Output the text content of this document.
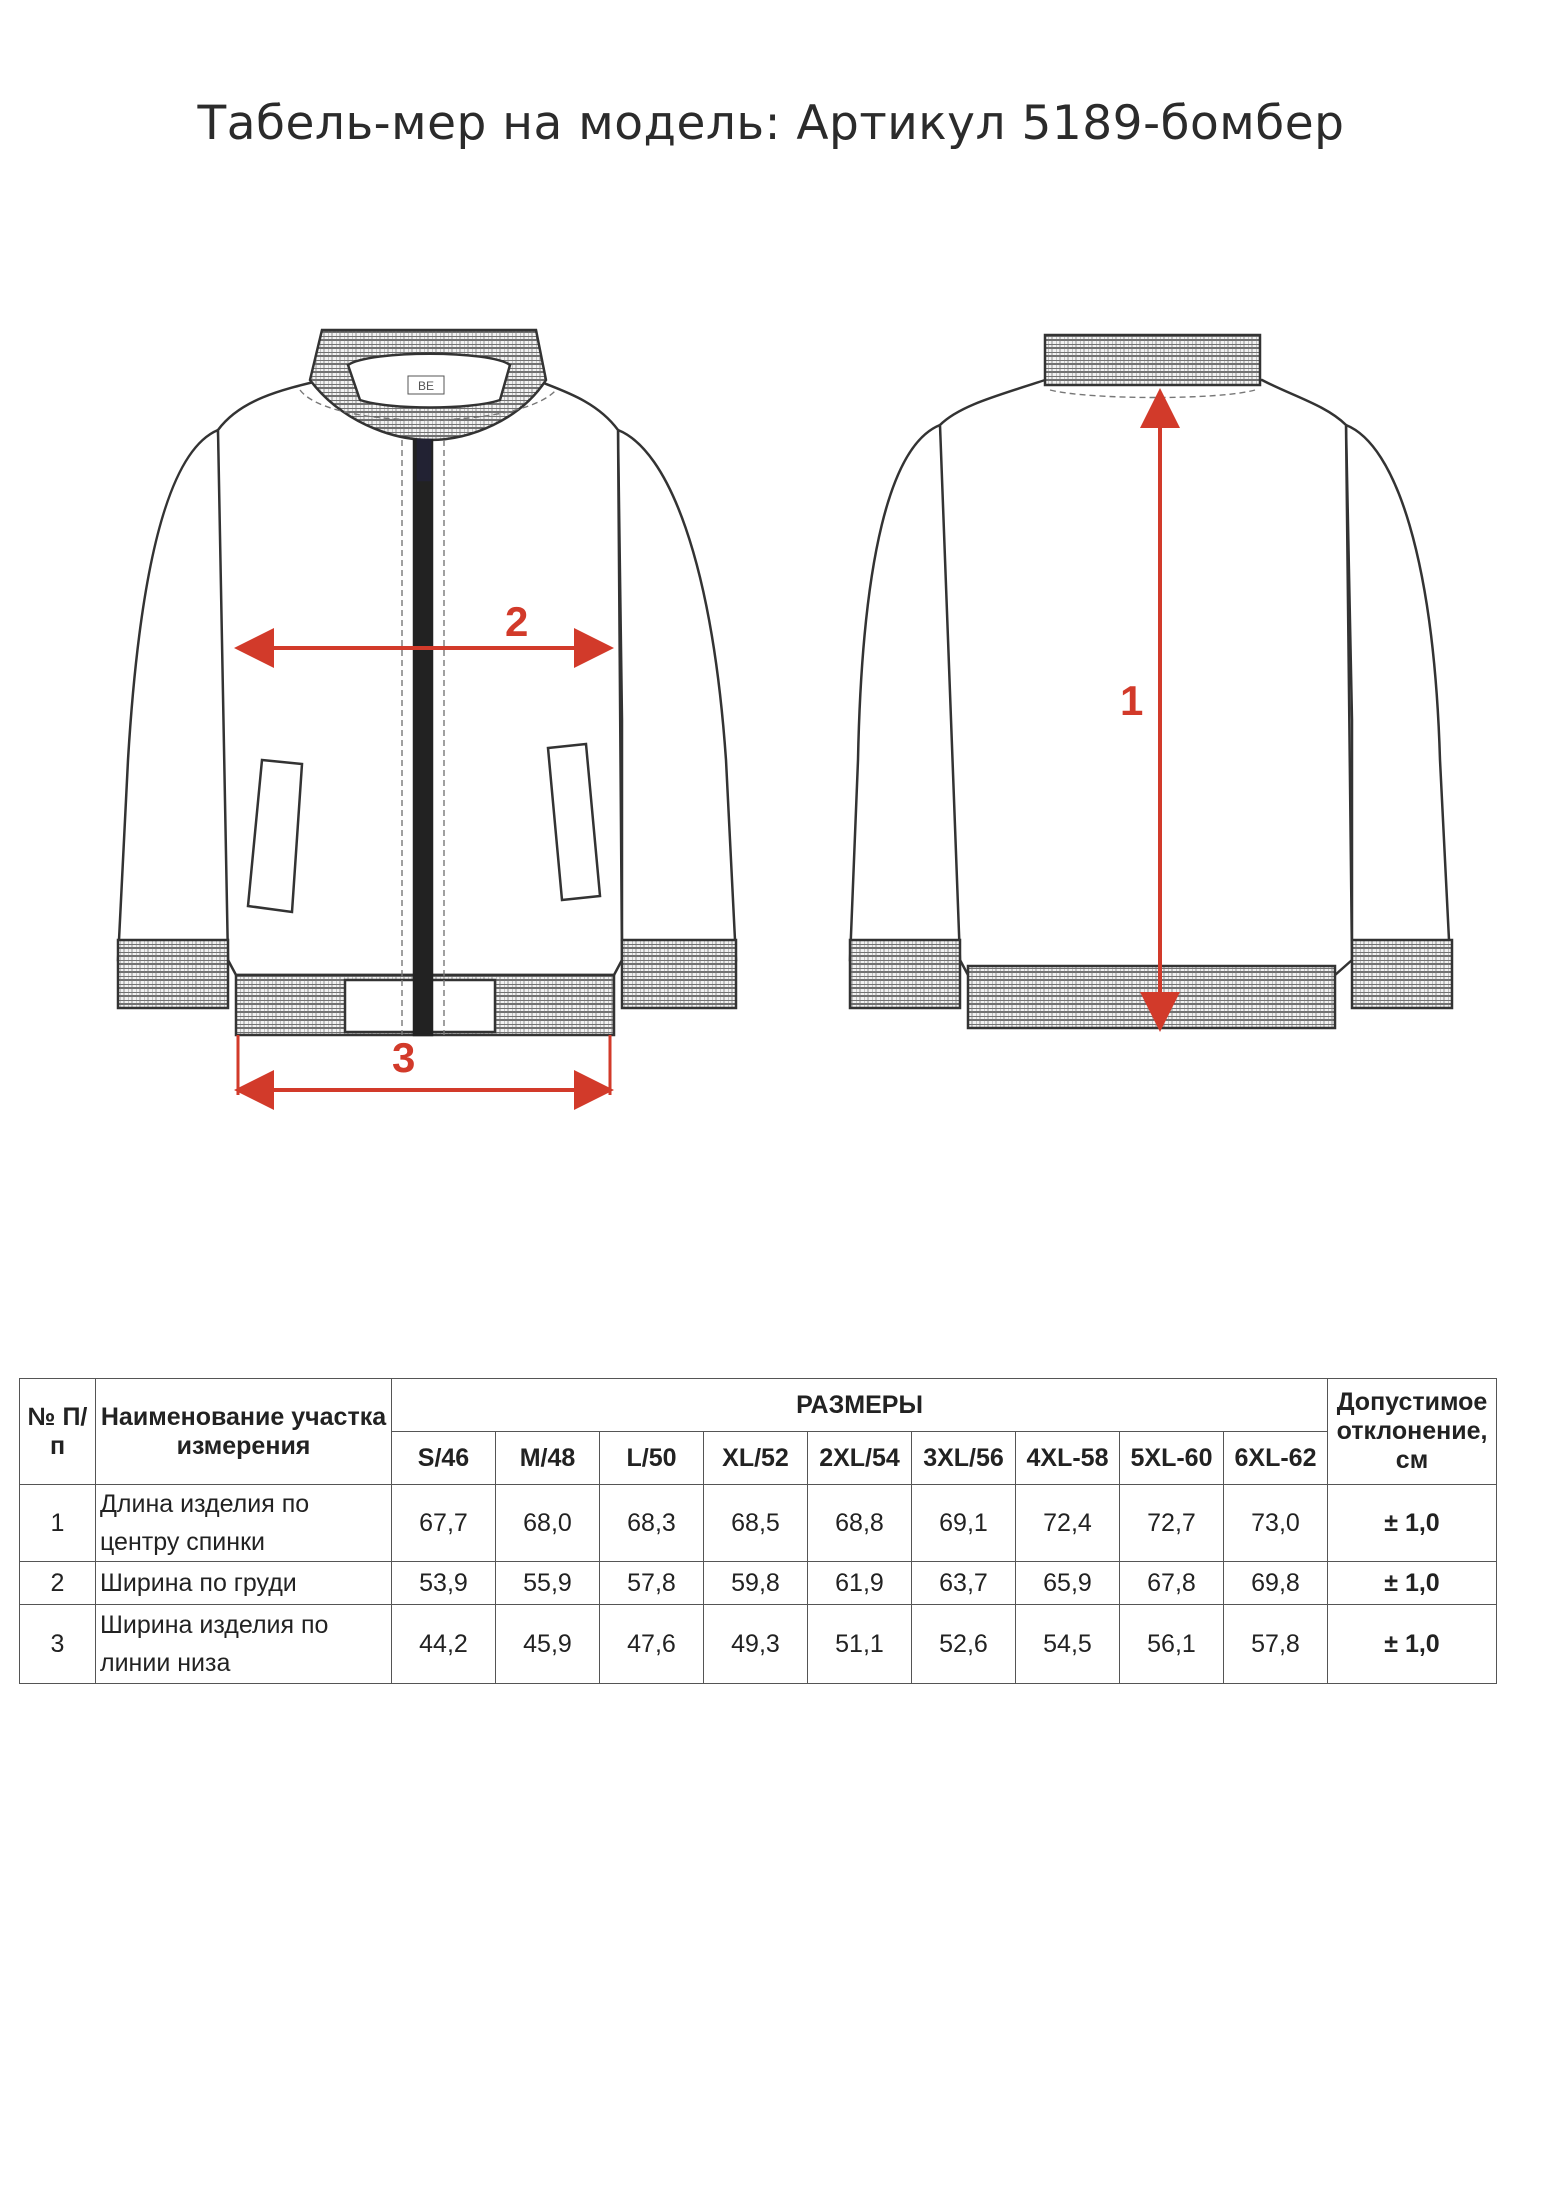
Табель-мер на модель: Артикул 5189-бомбер
ВЕ
2
3
1
№ П/п	Наименование участка измерения	РАЗМЕРЫ									Допустимое отклонение, см
		S/46	M/48	L/50	XL/52	2XL/54	3XL/56	4XL-58	5XL-60	6XL-62	
1	Длина изделия по центру спинки	67,7	68,0	68,3	68,5	68,8	69,1	72,4	72,7	73,0	± 1,0
2	Ширина по груди	53,9	55,9	57,8	59,8	61,9	63,7	65,9	67,8	69,8	± 1,0
3	Ширина изделия по линии низа	44,2	45,9	47,6	49,3	51,1	52,6	54,5	56,1	57,8	± 1,0
